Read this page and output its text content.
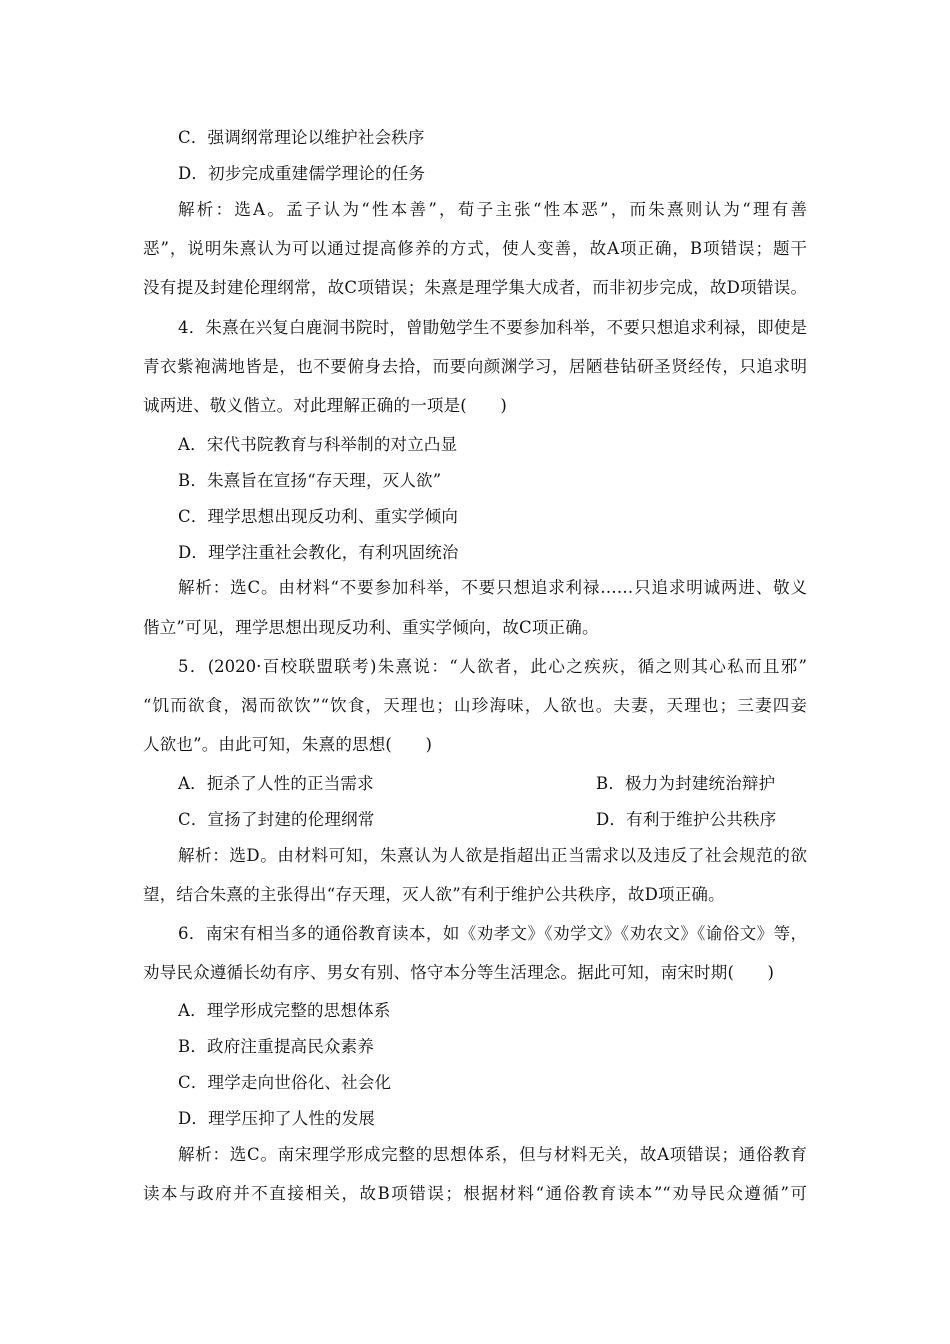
C．强调纲常理论以维护社会秩序
D．初步完成重建儒学理论的任务
解析：选A。孟子认为“性本善”，荀子主张“性本恶”，而朱熹则认为“理有善
恶”，说明朱熹认为可以通过提高修养的方式，使人变善，故A项正确，B项错误；题干
没有提及封建伦理纲常，故C项错误；朱熹是理学集大成者，而非初步完成，故D项错误。
4．朱熹在兴复白鹿洞书院时，曾勖勉学生不要参加科举，不要只想追求利禄，即使是
青衣紫袍满地皆是，也不要俯身去拾，而要向颜渊学习，居陋巷钻研圣贤经传，只追求明
诚两进、敬义偕立。对此理解正确的一项是(　　)
A．宋代书院教育与科举制的对立凸显
B．朱熹旨在宣扬“存天理，灭人欲”
C．理学思想出现反功利、重实学倾向
D．理学注重社会教化，有利巩固统治
解析：选C。由材料“不要参加科举，不要只想追求利禄……只追求明诚两进、敬义
偕立”可见，理学思想出现反功利、重实学倾向，故C项正确。
5．(2020·百校联盟联考)朱熹说：“人欲者，此心之疾疢，循之则其心私而且邪”
“饥而欲食，渴而欲饮”“饮食，天理也；山珍海味，人欲也。夫妻，天理也；三妻四妾
人欲也”。由此可知，朱熹的思想(　　)
A．扼杀了人性的正当需求	B．极力为封建统治辩护
C．宣扬了封建的伦理纲常	D．有利于维护公共秩序
解析：选D。由材料可知，朱熹认为人欲是指超出正当需求以及违反了社会规范的欲
望，结合朱熹的主张得出“存天理，灭人欲”有利于维护公共秩序，故D项正确。
6．南宋有相当多的通俗教育读本，如《劝孝文》《劝学文》《劝农文》《谕俗文》等，
劝导民众遵循长幼有序、男女有别、恪守本分等生活理念。据此可知，南宋时期(　　)
A．理学形成完整的思想体系
B．政府注重提高民众素养
C．理学走向世俗化、社会化
D．理学压抑了人性的发展
解析：选C。南宋理学形成完整的思想体系，但与材料无关，故A项错误；通俗教育
读本与政府并不直接相关，故B项错误；根据材料“通俗教育读本”“劝导民众遵循”可
